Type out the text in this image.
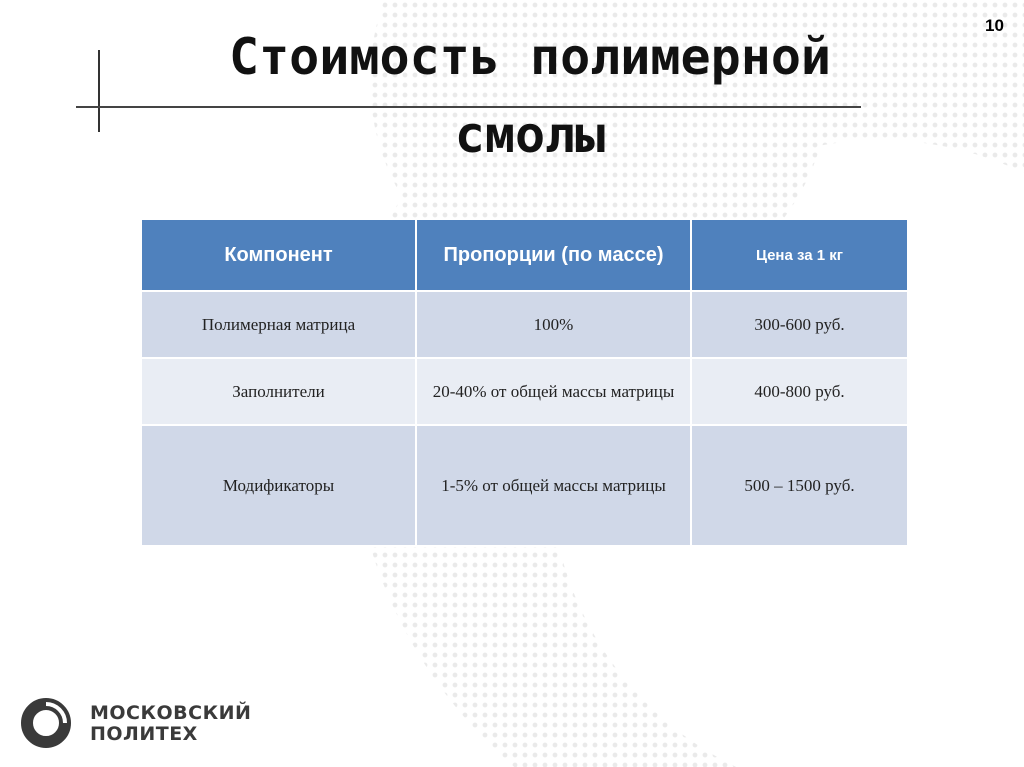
10
Стоимость полимерной
смолы
Компонент	Пропорции (по массе)	Цена за 1 кг
Полимерная матрица	100%	300-600 руб.
Заполнители	20-40% от общей массы матрицы	400-800 руб.
Модификаторы	1-5% от общей массы матрицы	500 – 1500 руб.
МОСКОВСКИЙ
ПОЛИТЕХ
